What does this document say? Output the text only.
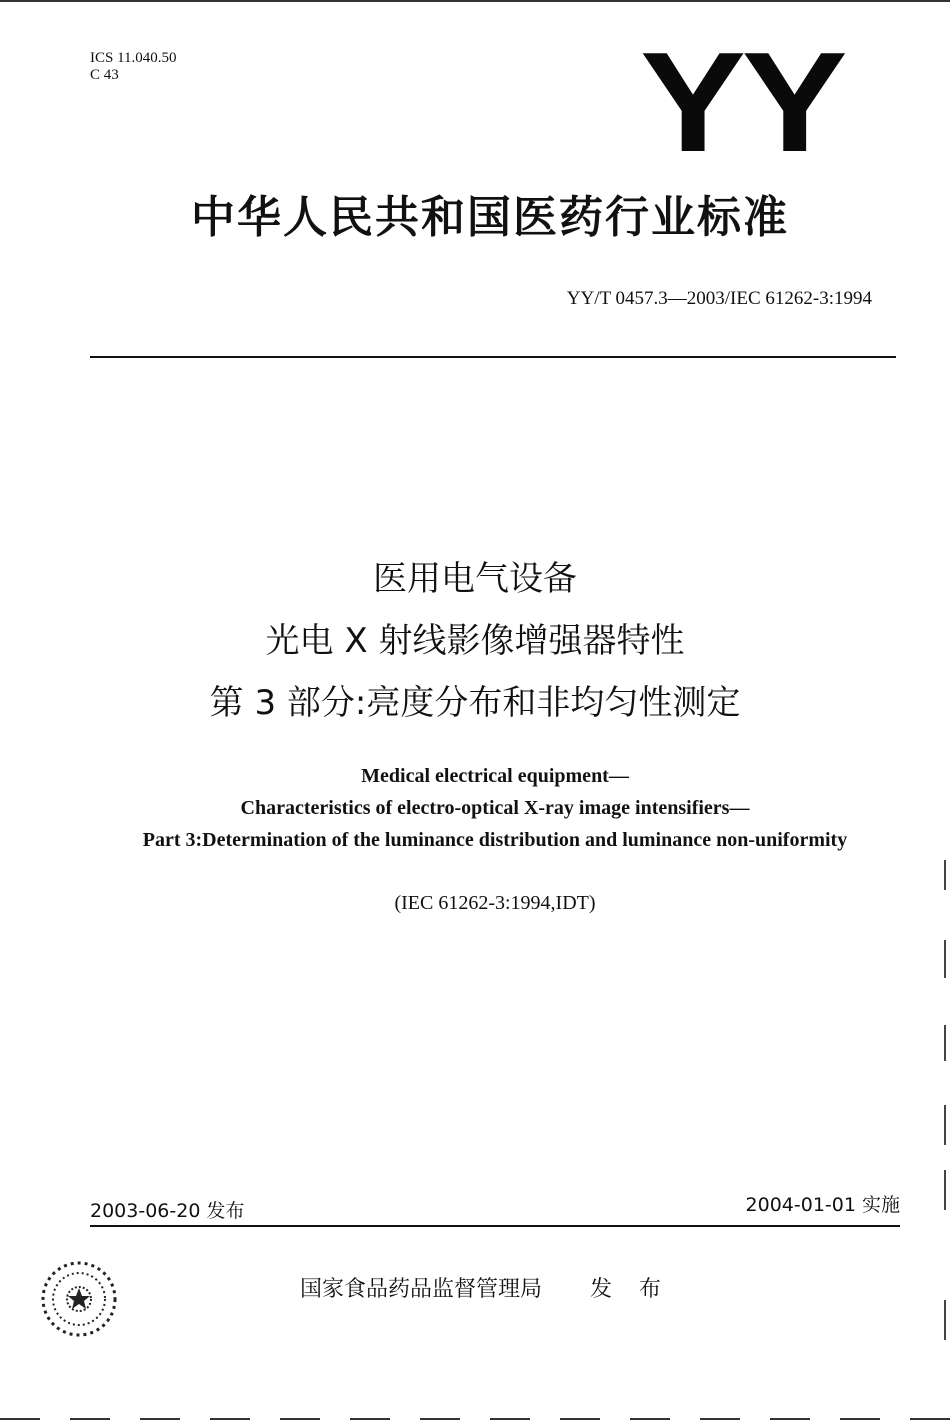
ICS 11.040.50
C 43	YY
中华人民共和国医药行业标准
YY/T 0457.3—2003/IEC 61262-3:1994
医用电气设备
光电 X 射线影像增强器特性
第 3 部分:亮度分布和非均匀性测定
Medical electrical equipment—
Characteristics of electro-optical X-ray image intensifiers—
Part 3:Determination of the luminance distribution and luminance non-uniformity
(IEC 61262-3:1994,IDT)
2003-06-20 发布	2004-01-01 实施
国家食品药品监督管理局 发 布
